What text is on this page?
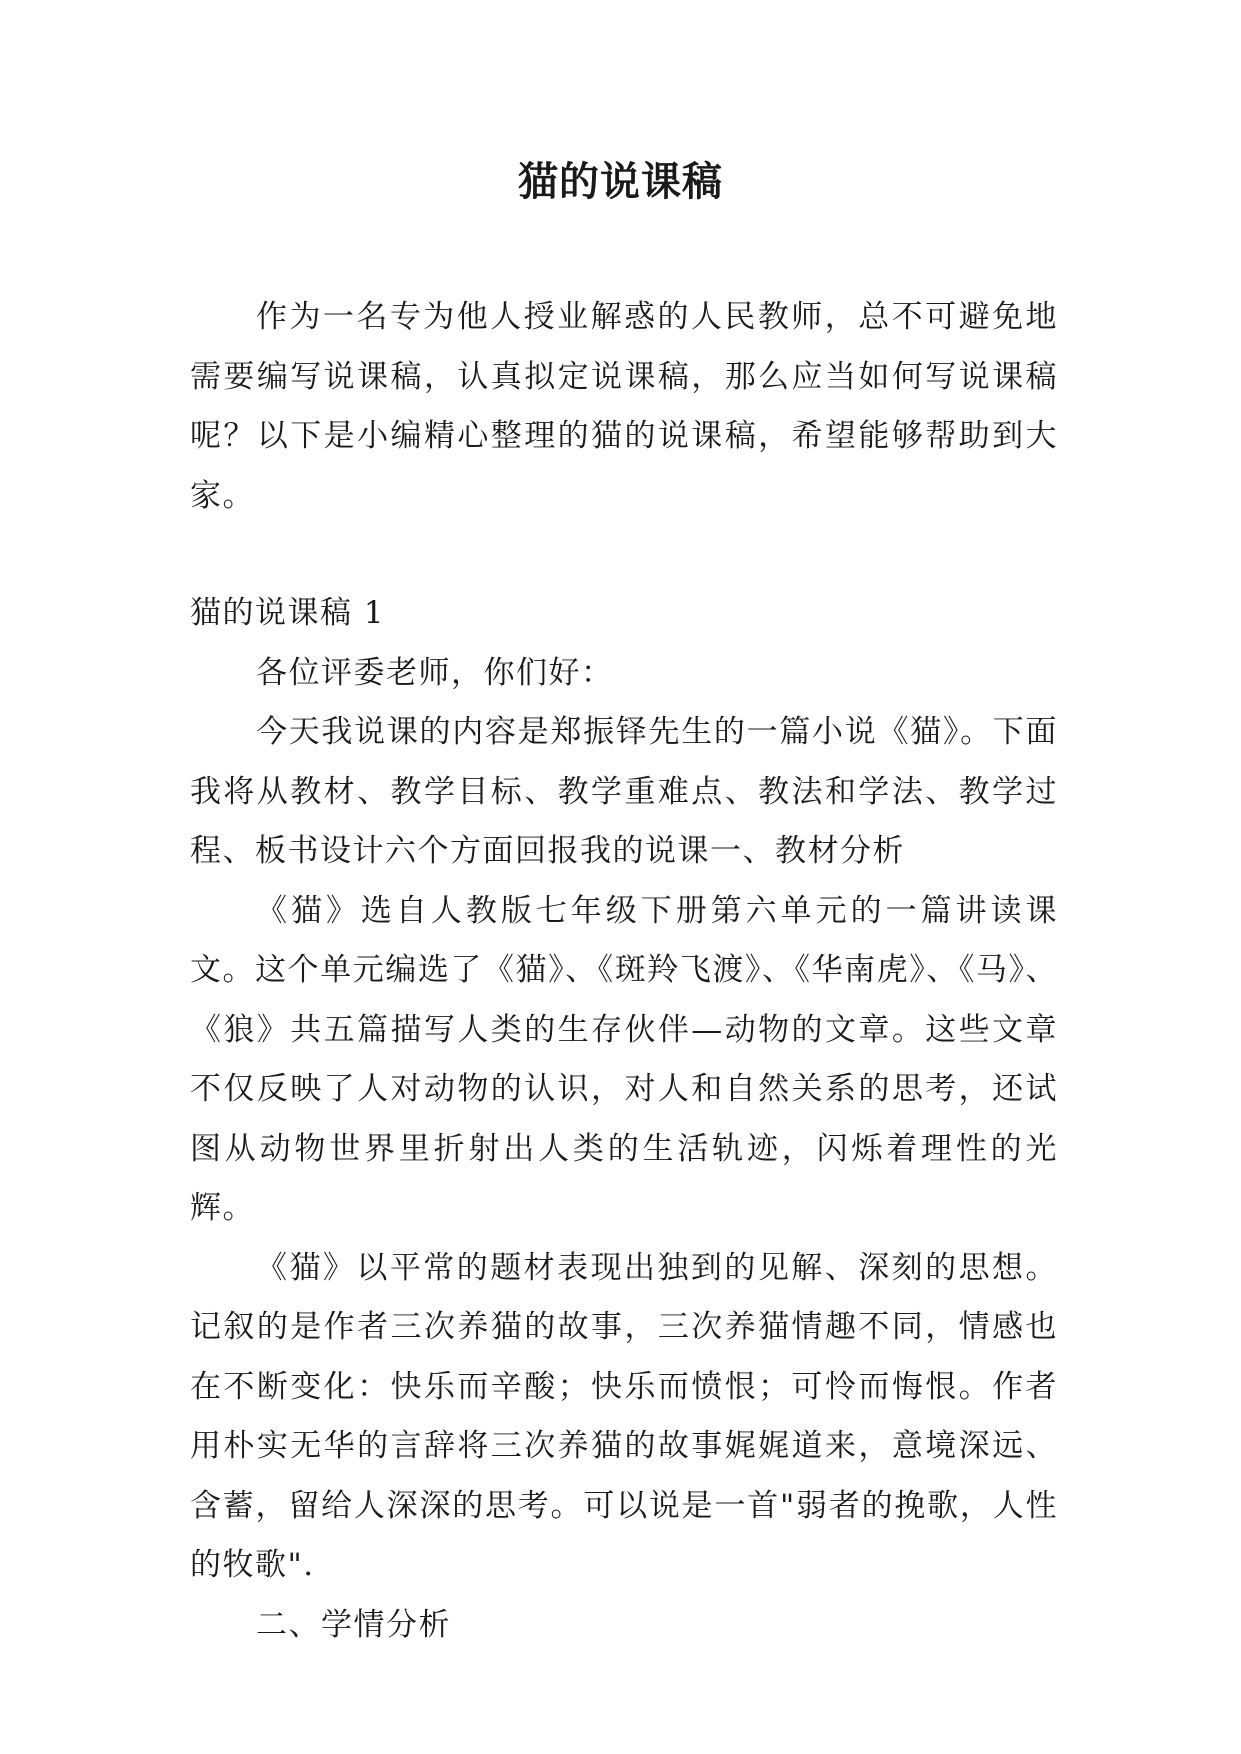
猫的说课稿

作为一名专为他人授业解惑的人民教师，总不可避免地需要编写说课稿，认真拟定说课稿，那么应当如何写说课稿呢？以下是小编精心整理的猫的说课稿，希望能够帮助到大家。

猫的说课稿 1

各位评委老师，你们好：

今天我说课的内容是郑振铎先生的一篇小说《猫》。下面我将从教材、教学目标、教学重难点、教法和学法、教学过程、板书设计六个方面回报我的说课一、教材分析

《猫》选自人教版七年级下册第六单元的一篇讲读课文。这个单元编选了《猫》、《斑羚飞渡》、《华南虎》、《马》、《狼》共五篇描写人类的生存伙伴—动物的文章。这些文章不仅反映了人对动物的认识，对人和自然关系的思考，还试图从动物世界里折射出人类的生活轨迹，闪烁着理性的光辉。

《猫》以平常的题材表现出独到的见解、深刻的思想。记叙的是作者三次养猫的故事，三次养猫情趣不同，情感也在不断变化：快乐而辛酸；快乐而愤恨；可怜而悔恨。作者用朴实无华的言辞将三次养猫的故事娓娓道来，意境深远、含蓄，留给人深深的思考。可以说是一首"弱者的挽歌，人性的牧歌".

二、学情分析
